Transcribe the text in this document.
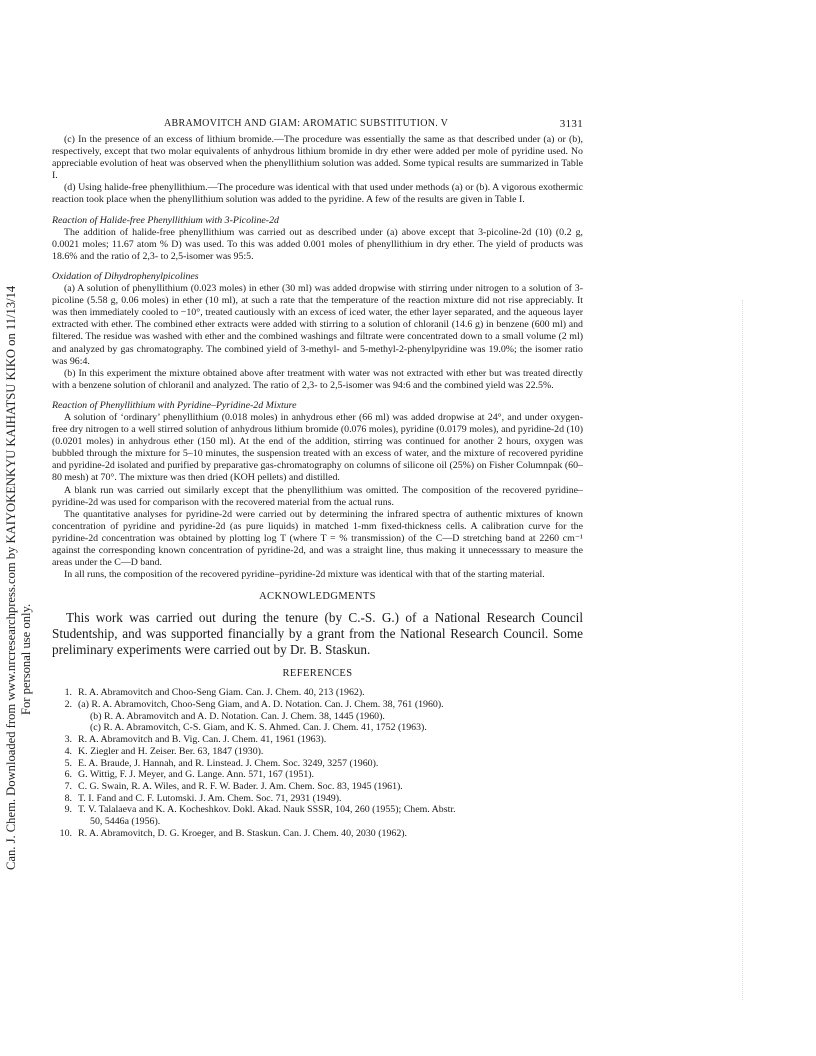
Can. J. Chem. Downloaded from www.nrcresearchpress.com by KAIYOKENKYU KAIHATSU KIKO on 11/13/14 For personal use only.
ABRAMOVITCH AND GIAM: AROMATIC SUBSTITUTION. V	3131

(c) In the presence of an excess of lithium bromide.—The procedure was essentially the same as that described under (a) or (b), respectively, except that two molar equivalents of anhydrous lithium bromide in dry ether were added per mole of pyridine used. No appreciable evolution of heat was observed when the phenyllithium solution was added. Some typical results are summarized in Table I.

(d) Using halide-free phenyllithium.—The procedure was identical with that used under methods (a) or (b). A vigorous exothermic reaction took place when the phenyllithium solution was added to the pyridine. A few of the results are given in Table I.

Reaction of Halide-free Phenyllithium with 3-Picoline-2d

The addition of halide-free phenyllithium was carried out as described under (a) above except that 3-picoline-2d (10) (0.2 g, 0.0021 moles; 11.67 atom % D) was used. To this was added 0.001 moles of phenyllithium in dry ether. The yield of products was 18.6% and the ratio of 2,3- to 2,5-isomer was 95:5.

Oxidation of Dihydrophenylpicolines

(a) A solution of phenyllithium (0.023 moles) in ether (30 ml) was added dropwise with stirring under nitrogen to a solution of 3-picoline (5.58 g, 0.06 moles) in ether (10 ml), at such a rate that the temperature of the reaction mixture did not rise appreciably. It was then immediately cooled to −10°, treated cautiously with an excess of iced water, the ether layer separated, and the aqueous layer extracted with ether. The combined ether extracts were added with stirring to a solution of chloranil (14.6 g) in benzene (600 ml) and filtered. The residue was washed with ether and the combined washings and filtrate were concentrated down to a small volume (2 ml) and analyzed by gas chromatography. The combined yield of 3-methyl- and 5-methyl-2-phenylpyridine was 19.0%; the isomer ratio was 96:4.

(b) In this experiment the mixture obtained above after treatment with water was not extracted with ether but was treated directly with a benzene solution of chloranil and analyzed. The ratio of 2,3- to 2,5-isomer was 94:6 and the combined yield was 22.5%.

Reaction of Phenyllithium with Pyridine–Pyridine-2d Mixture

A solution of ‘ordinary’ phenyllithium (0.018 moles) in anhydrous ether (66 ml) was added dropwise at 24°, and under oxygen-free dry nitrogen to a well stirred solution of anhydrous lithium bromide (0.076 moles), pyridine (0.0179 moles), and pyridine-2d (10) (0.0201 moles) in anhydrous ether (150 ml). At the end of the addition, stirring was continued for another 2 hours, oxygen was bubbled through the mixture for 5–10 minutes, the suspension treated with an excess of water, and the mixture of recovered pyridine and pyridine-2d isolated and purified by preparative gas-chromatography on columns of silicone oil (25%) on Fisher Columnpak (60–80 mesh) at 70°. The mixture was then dried (KOH pellets) and distilled.

A blank run was carried out similarly except that the phenyllithium was omitted. The composition of the recovered pyridine–pyridine-2d was used for comparison with the recovered material from the actual runs.

The quantitative analyses for pyridine-2d were carried out by determining the infrared spectra of authentic mixtures of known concentration of pyridine and pyridine-2d (as pure liquids) in matched 1-mm fixed-thickness cells. A calibration curve for the pyridine-2d concentration was obtained by plotting log T (where T = % transmission) of the C—D stretching band at 2260 cm⁻¹ against the corresponding known concentration of pyridine-2d, and was a straight line, thus making it unnecesssary to measure the areas under the C—D band.

In all runs, the composition of the recovered pyridine–pyridine-2d mixture was identical with that of the starting material.

ACKNOWLEDGMENTS

This work was carried out during the tenure (by C.-S. G.) of a National Research Council Studentship, and was supported financially by a grant from the National Research Council. Some preliminary experiments were carried out by Dr. B. Staskun.

REFERENCES
1. R. A. Abramovitch and Choo-Seng Giam. Can. J. Chem. 40, 213 (1962).
2. (a) R. A. Abramovitch, Choo-Seng Giam, and A. D. Notation. Can. J. Chem. 38, 761 (1960).
(b) R. A. Abramovitch and A. D. Notation. Can. J. Chem. 38, 1445 (1960).
(c) R. A. Abramovitch, C-S. Giam, and K. S. Ahmed. Can. J. Chem. 41, 1752 (1963).
3. R. A. Abramovitch and B. Vig. Can. J. Chem. 41, 1961 (1963).
4. K. Ziegler and H. Zeiser. Ber. 63, 1847 (1930).
5. E. A. Braude, J. Hannah, and R. Linstead. J. Chem. Soc. 3249, 3257 (1960).
6. G. Wittig, F. J. Meyer, and G. Lange. Ann. 571, 167 (1951).
7. C. G. Swain, R. A. Wiles, and R. F. W. Bader. J. Am. Chem. Soc. 83, 1945 (1961).
8. T. I. Fand and C. F. Lutomski. J. Am. Chem. Soc. 71, 2931 (1949).
9. T. V. Talalaeva and K. A. Kocheshkov. Dokl. Akad. Nauk SSSR, 104, 260 (1955); Chem. Abstr.
50, 5446a (1956).
10. R. A. Abramovitch, D. G. Kroeger, and B. Staskun. Can. J. Chem. 40, 2030 (1962).
